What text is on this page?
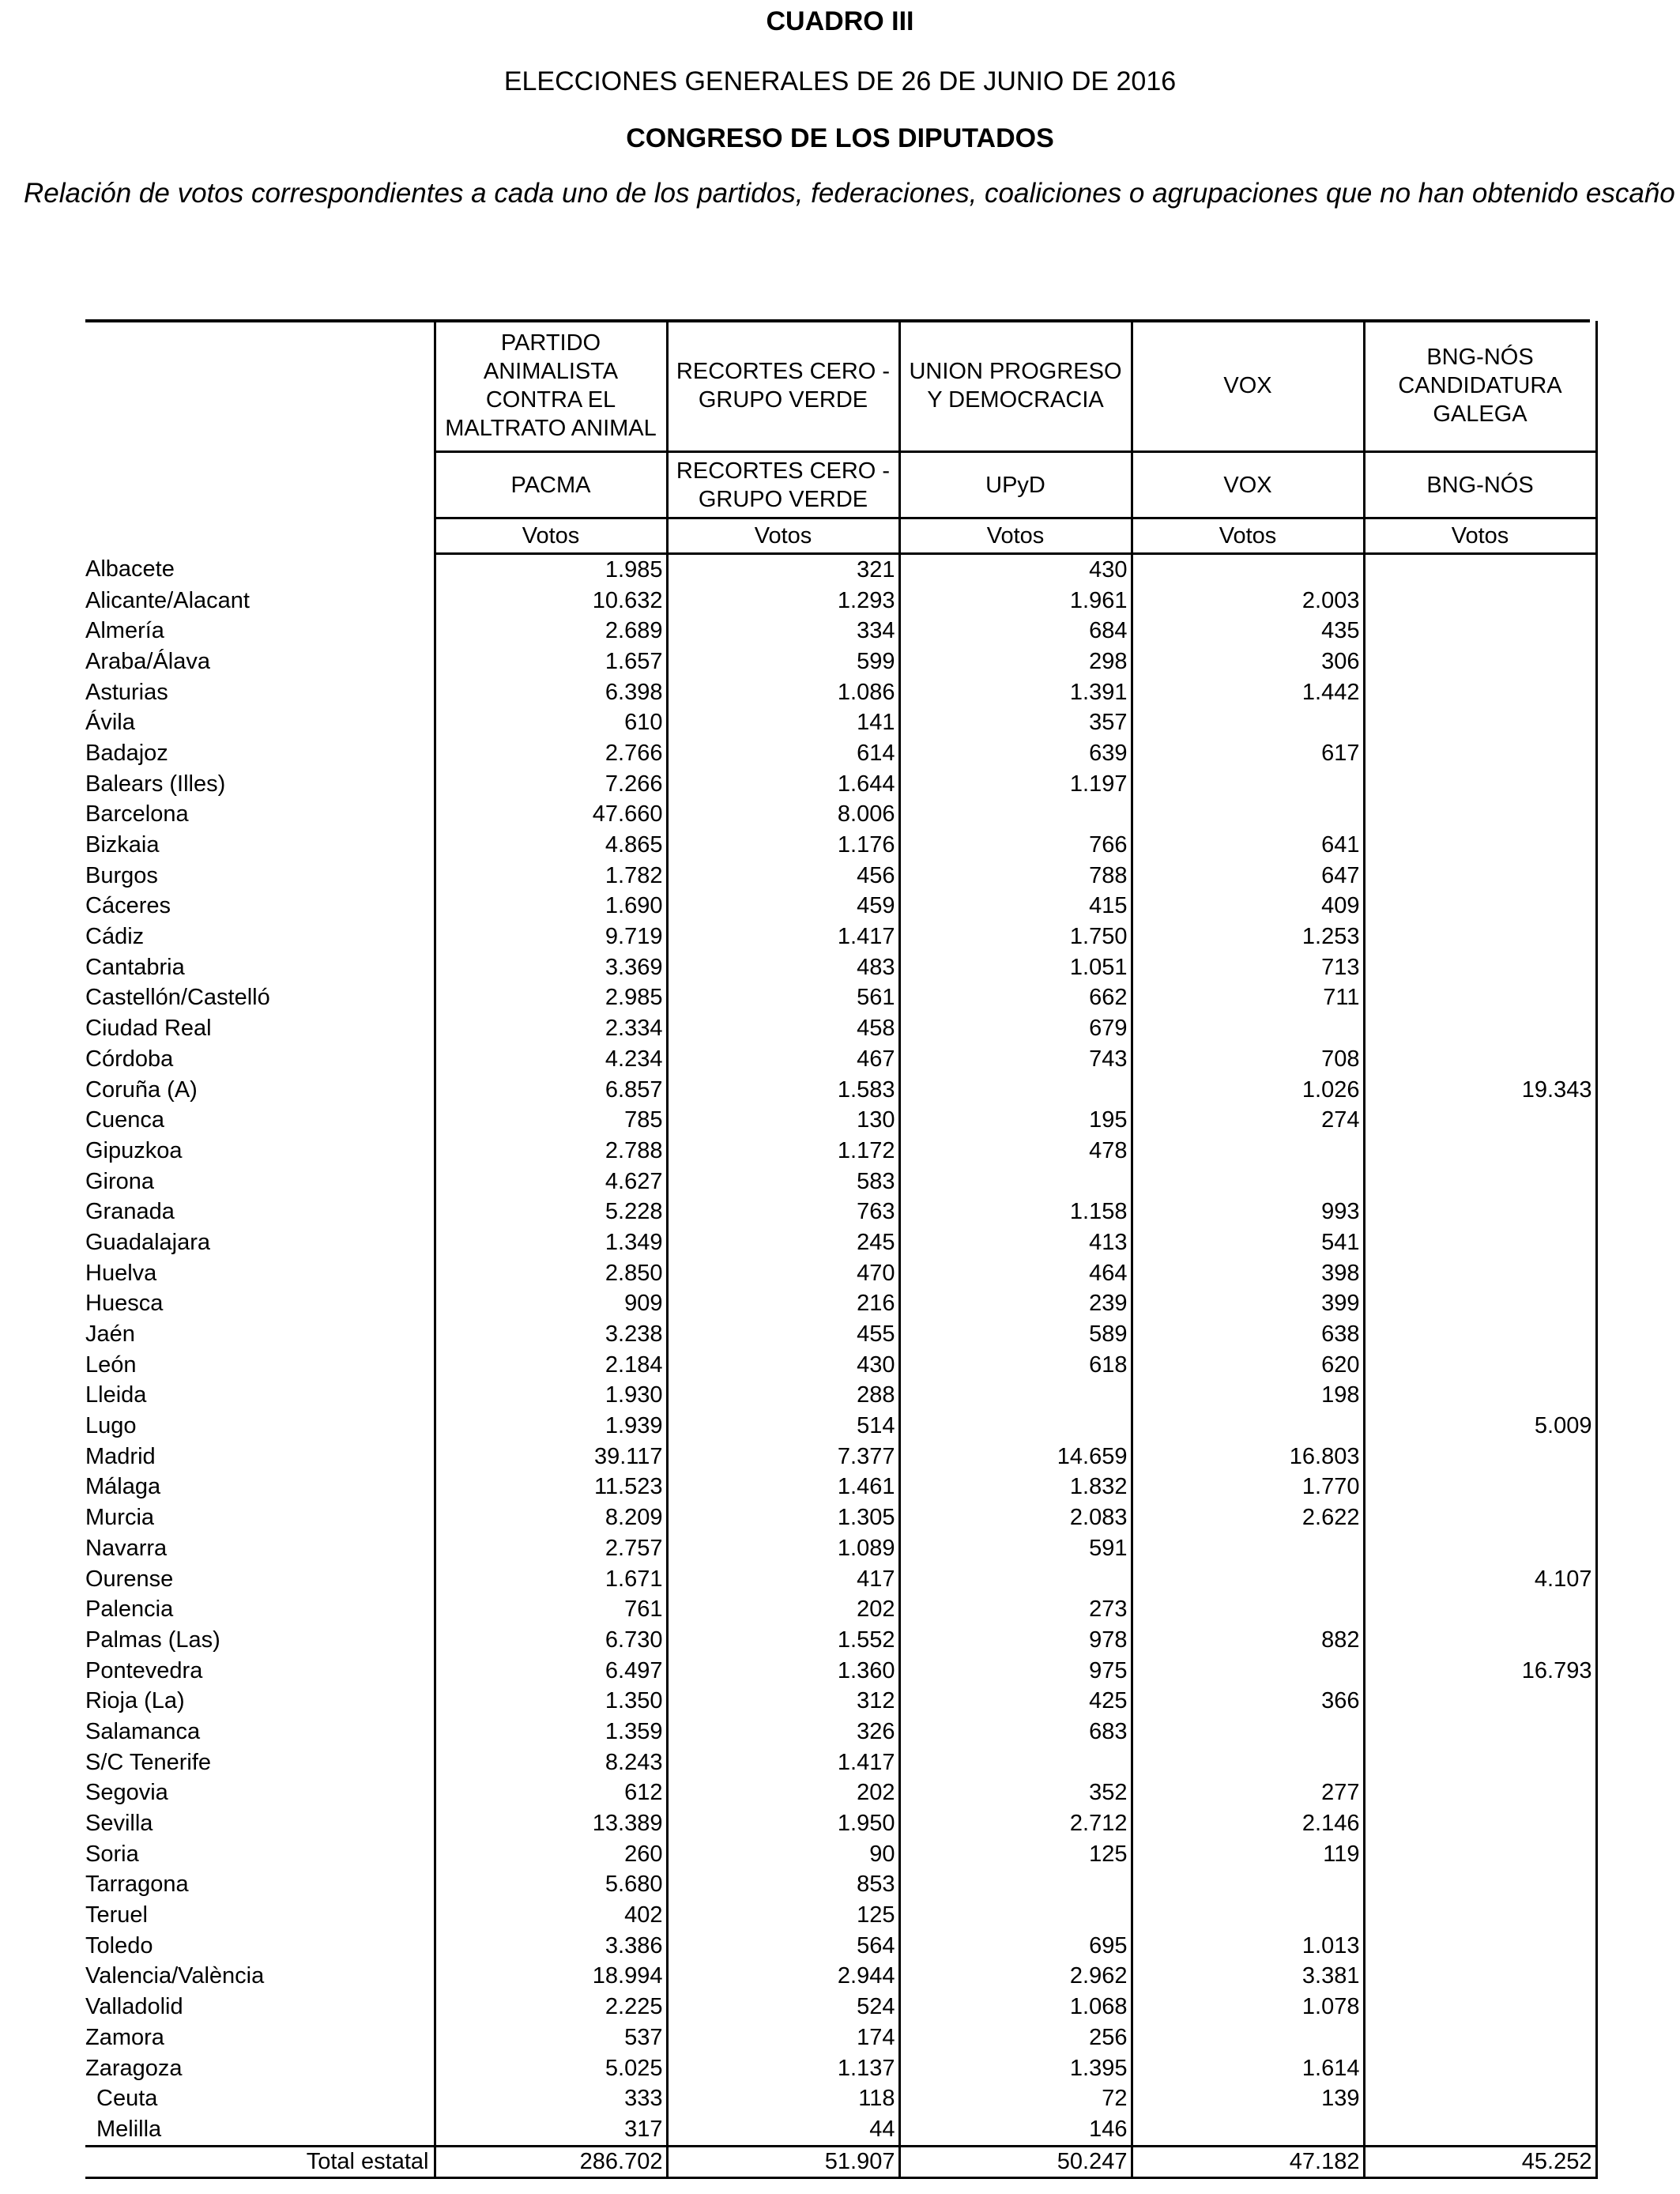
CUADRO III
ELECCIONES GENERALES DE 26 DE JUNIO DE 2016
CONGRESO DE LOS DIPUTADOS
Relación de votos correspondientes a cada uno de los partidos, federaciones, coaliciones o agrupaciones que no han obtenido escaño
	PARTIDO ANIMALISTA CONTRA EL MALTRATO ANIMAL	RECORTES CERO - GRUPO VERDE	UNION PROGRESO Y DEMOCRACIA	VOX	BNG-NÓS CANDIDATURA GALEGA
	PACMA	RECORTES CERO - GRUPO VERDE	UPyD	VOX	BNG-NÓS
	Votos	Votos	Votos	Votos	Votos
Albacete	1.985	321	430		
Alicante/Alacant	10.632	1.293	1.961	2.003	
Almería	2.689	334	684	435	
Araba/Álava	1.657	599	298	306	
Asturias	6.398	1.086	1.391	1.442	
Ávila	610	141	357		
Badajoz	2.766	614	639	617	
Balears (Illes)	7.266	1.644	1.197		
Barcelona	47.660	8.006			
Bizkaia	4.865	1.176	766	641	
Burgos	1.782	456	788	647	
Cáceres	1.690	459	415	409	
Cádiz	9.719	1.417	1.750	1.253	
Cantabria	3.369	483	1.051	713	
Castellón/Castelló	2.985	561	662	711	
Ciudad Real	2.334	458	679		
Córdoba	4.234	467	743	708	
Coruña (A)	6.857	1.583		1.026	19.343
Cuenca	785	130	195	274	
Gipuzkoa	2.788	1.172	478		
Girona	4.627	583			
Granada	5.228	763	1.158	993	
Guadalajara	1.349	245	413	541	
Huelva	2.850	470	464	398	
Huesca	909	216	239	399	
Jaén	3.238	455	589	638	
León	2.184	430	618	620	
Lleida	1.930	288		198	
Lugo	1.939	514			5.009
Madrid	39.117	7.377	14.659	16.803	
Málaga	11.523	1.461	1.832	1.770	
Murcia	8.209	1.305	2.083	2.622	
Navarra	2.757	1.089	591		
Ourense	1.671	417			4.107
Palencia	761	202	273		
Palmas (Las)	6.730	1.552	978	882	
Pontevedra	6.497	1.360	975		16.793
Rioja (La)	1.350	312	425	366	
Salamanca	1.359	326	683		
S/C Tenerife	8.243	1.417			
Segovia	612	202	352	277	
Sevilla	13.389	1.950	2.712	2.146	
Soria	260	90	125	119	
Tarragona	5.680	853			
Teruel	402	125			
Toledo	3.386	564	695	1.013	
Valencia/València	18.994	2.944	2.962	3.381	
Valladolid	2.225	524	1.068	1.078	
Zamora	537	174	256		
Zaragoza	5.025	1.137	1.395	1.614	
Ceuta	333	118	72	139	
Melilla	317	44	146		
Total estatal	286.702	51.907	50.247	47.182	45.252
